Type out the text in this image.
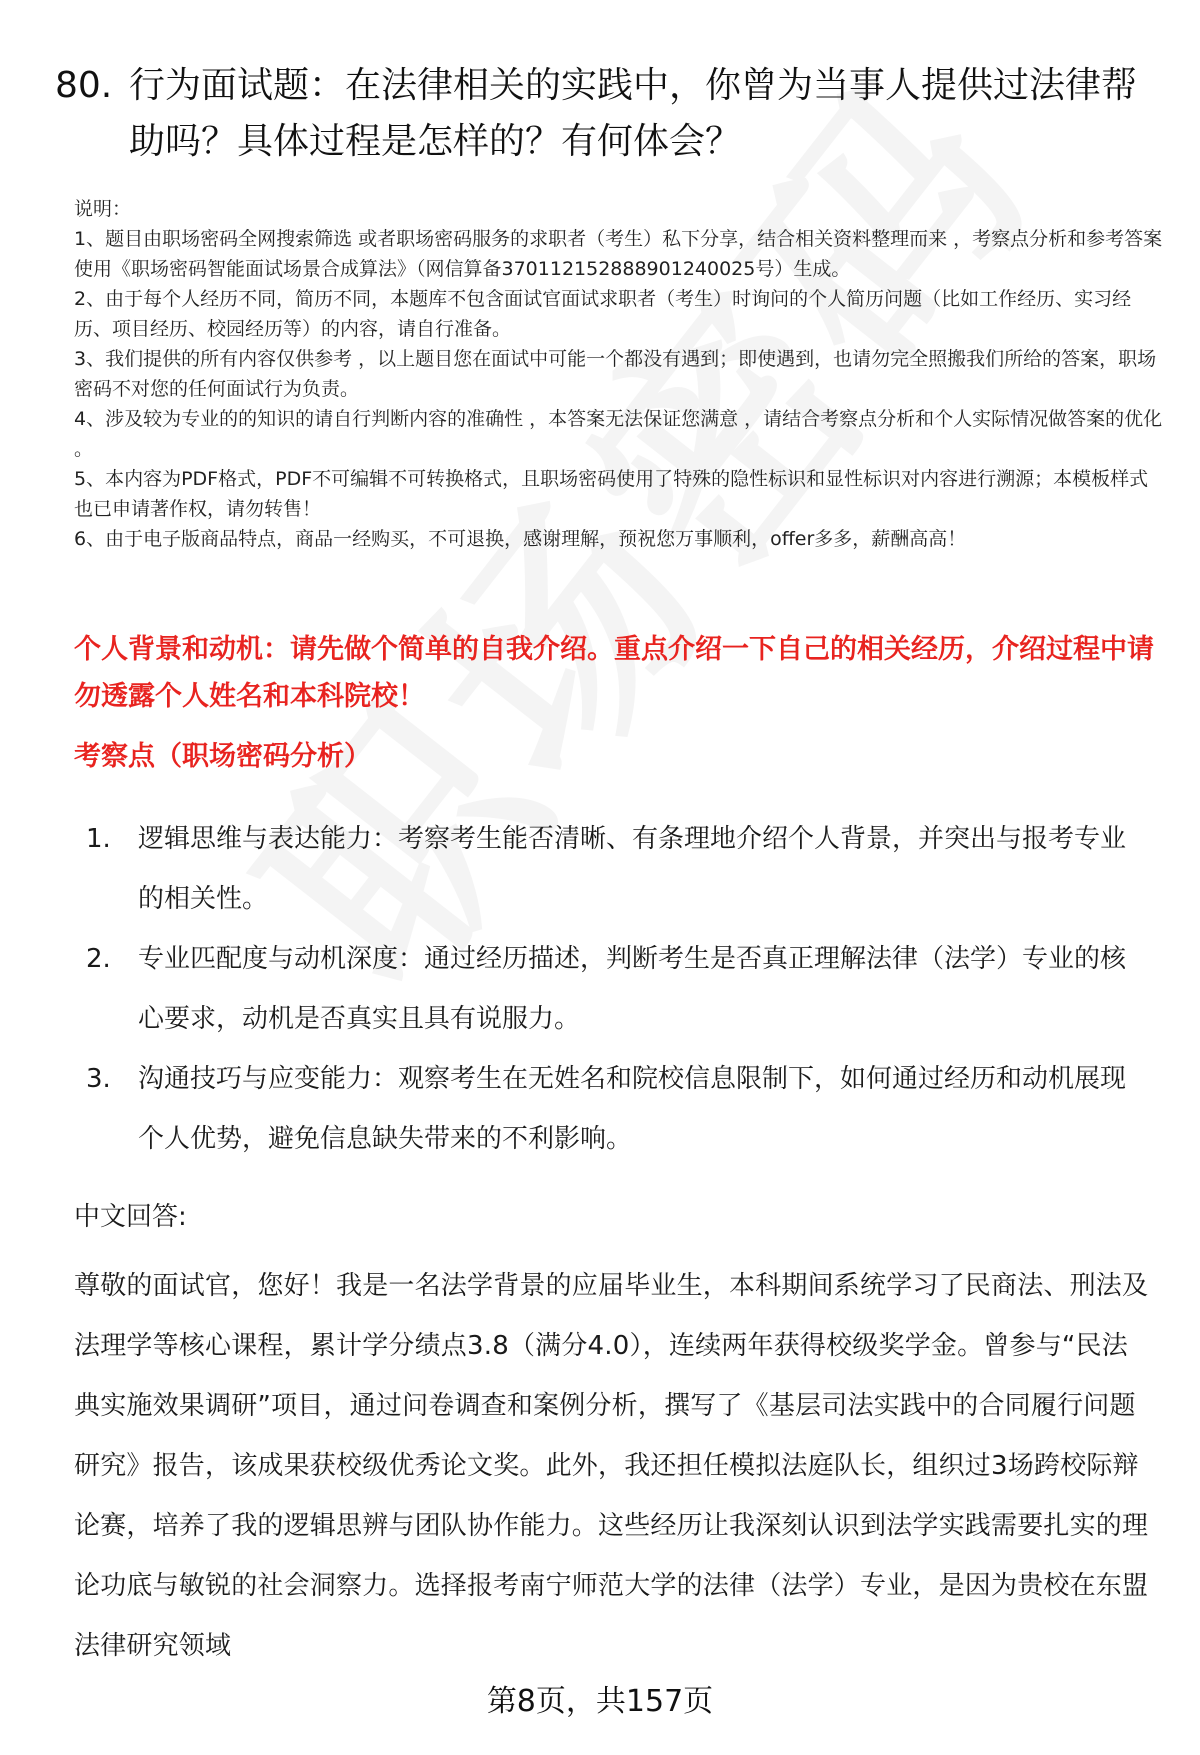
80. 行为面试题：在法律相关的实践中，你曾为当事人提供过法律帮助吗？具体过程是怎样的？有何体会？

说明：

1、题目由职场密码全网搜索筛选 或者职场密码服务的求职者（考生）私下分享，结合相关资料整理而来 ，考察点分析和参考答案使用《职场密码智能面试场景合成算法》（网信算备370112152888901240025号）生成。

2、由于每个人经历不同，简历不同，本题库不包含面试官面试求职者（考生）时询问的个人简历问题（比如工作经历、实习经历、项目经历、校园经历等）的内容，请自行准备。

3、我们提供的所有内容仅供参考 ，以上题目您在面试中可能一个都没有遇到；即使遇到，也请勿完全照搬我们所给的答案，职场密码不对您的任何面试行为负责。

4、涉及较为专业的的知识的请自行判断内容的准确性 ，本答案无法保证您满意 ，请结合考察点分析和个人实际情况做答案的优化 。

5、本内容为PDF格式，PDF不可编辑不可转换格式，且职场密码使用了特殊的隐性标识和显性标识对内容进行溯源；本模板样式也已申请著作权，请勿转售！

6、由于电子版商品特点，商品一经购买，不可退换，感谢理解，预祝您万事顺利，offer多多，薪酬高高！

个人背景和动机：请先做个简单的自我介绍。重点介绍一下自己的相关经历，介绍过程中请勿透露个人姓名和本科院校！

考察点（职场密码分析）

1.	逻辑思维与表达能力：考察考生能否清晰、有条理地介绍个人背景，并突出与报考专业的相关性。
2.	专业匹配度与动机深度：通过经历描述，判断考生是否真正理解法律（法学）专业的核心要求，动机是否真实且具有说服力。
3.	沟通技巧与应变能力：观察考生在无姓名和院校信息限制下，如何通过经历和动机展现个人优势，避免信息缺失带来的不利影响。

中文回答:

尊敬的面试官，您好！我是一名法学背景的应届毕业生，本科期间系统学习了民商法、刑法及法理学等核心课程，累计学分绩点3.8（满分4.0），连续两年获得校级奖学金。曾参与“民法典实施效果调研”项目，通过问卷调查和案例分析，撰写了《基层司法实践中的合同履行问题研究》报告，该成果获校级优秀论文奖。此外，我还担任模拟法庭队长，组织过3场跨校际辩论赛，培养了我的逻辑思辨与团队协作能力。这些经历让我深刻认识到法学实践需要扎实的理论功底与敏锐的社会洞察力。选择报考南宁师范大学的法律（法学）专业，是因为贵校在东盟法律研究领域

第8页，共157页
